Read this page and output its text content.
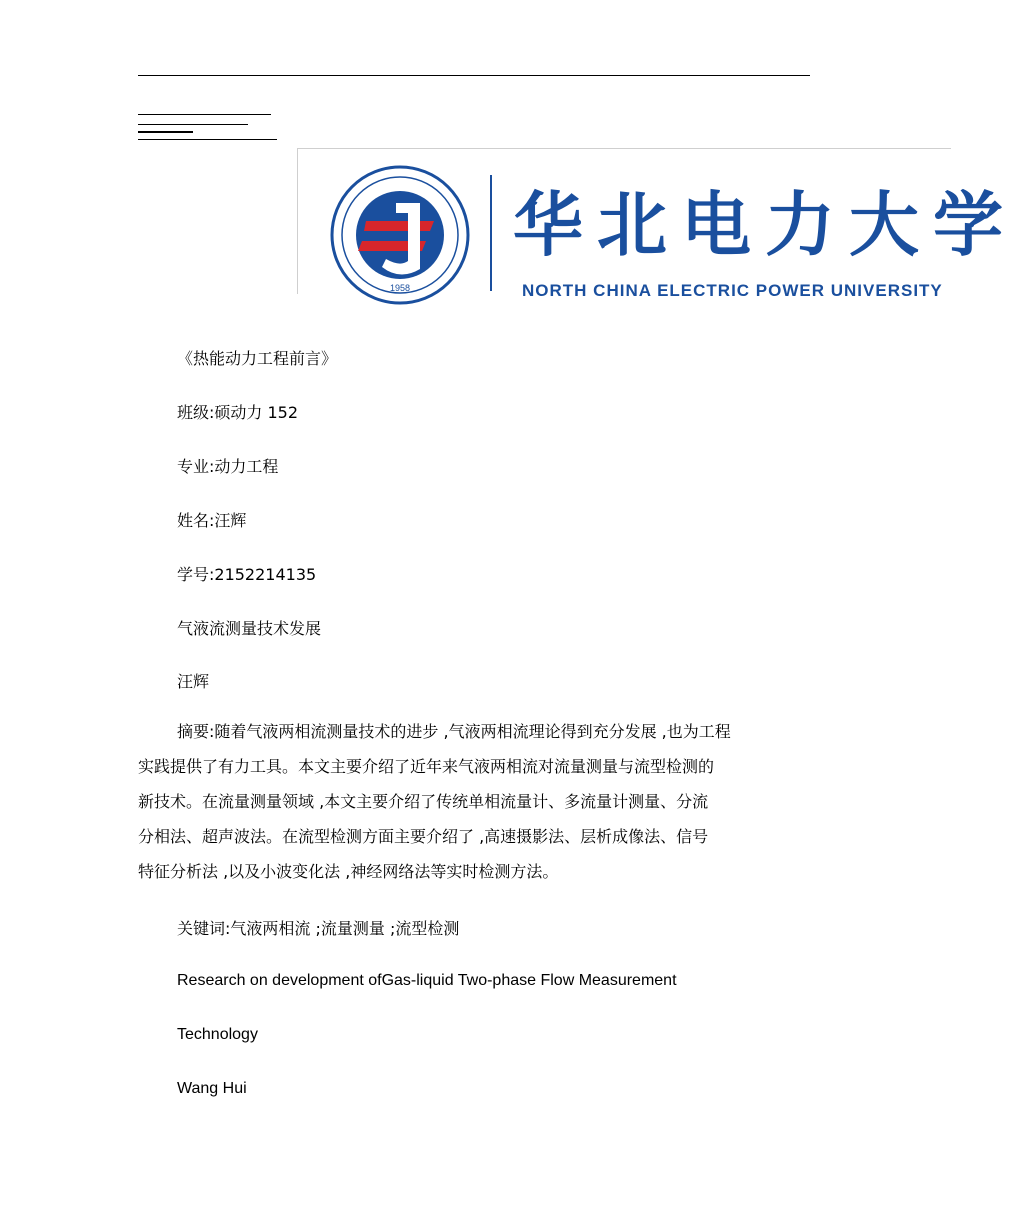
1958
华北电力大学
NORTH CHINA ELECTRIC POWER UNIVERSITY
《热能动力工程前言》
班级:硕动力 152
专业:动力工程
姓名:汪辉
学号:2152214135
气液流测量技术发展
汪辉
摘要:随着气液两相流测量技术的进步 ,气液两相流理论得到充分发展 ,也为工程
实践提供了有力工具。本文主要介绍了近年来气液两相流对流量测量与流型检测的
新技术。在流量测量领域 ,本文主要介绍了传统单相流量计、多流量计测量、分流
分相法、超声波法。在流型检测方面主要介绍了 ,高速摄影法、层析成像法、信号
特征分析法 ,以及小波变化法 ,神经网络法等实时检测方法。
关键词:气液两相流 ;流量测量 ;流型检测
Research on development ofGas-liquid Two-phase Flow Measurement
Technology
Wang Hui
